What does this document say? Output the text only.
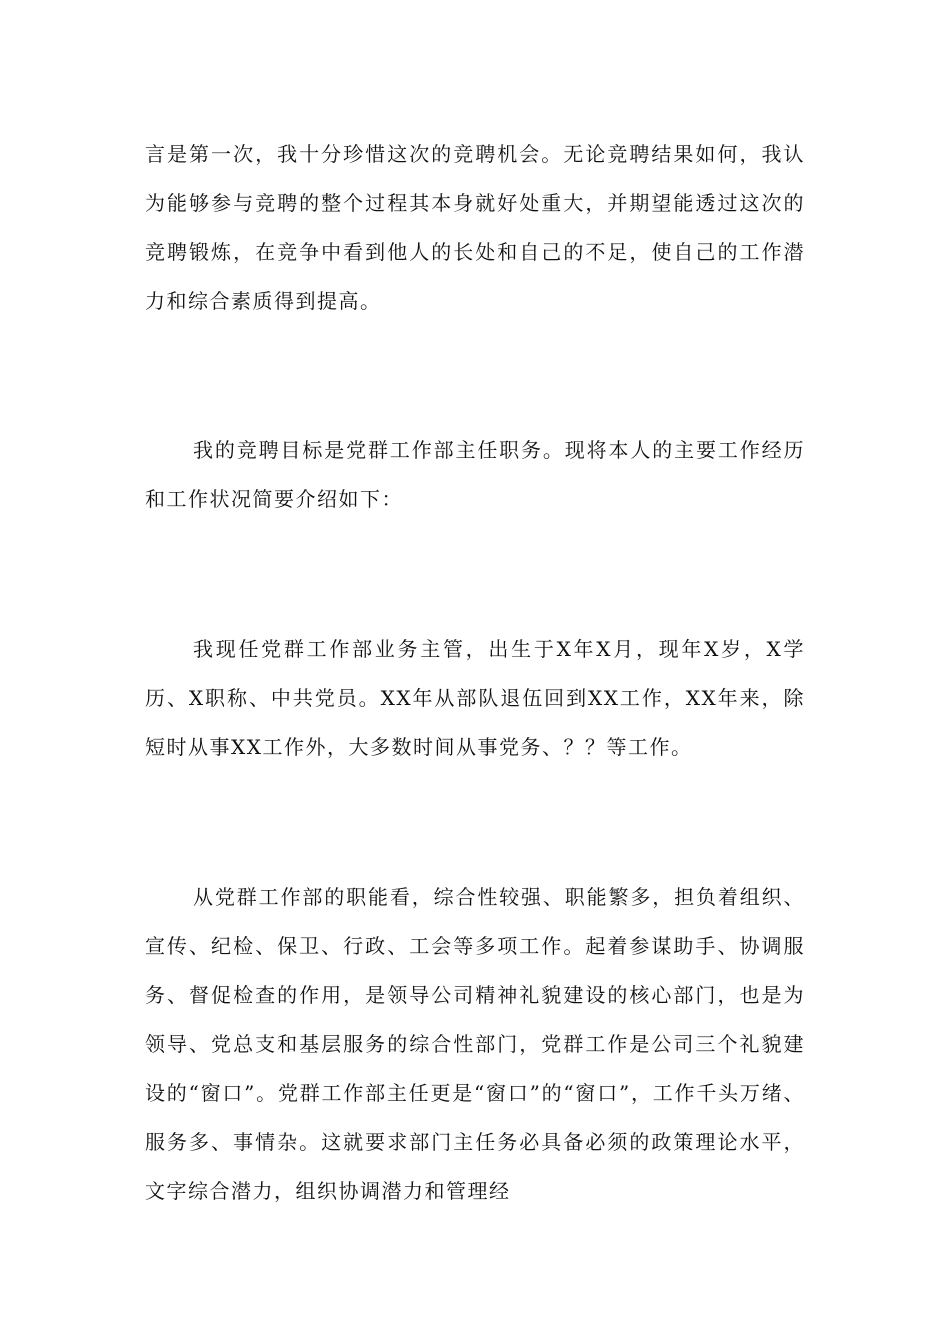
言是第一次，我十分珍惜这次的竞聘机会。无论竞聘结果如何，我认为能够参与竞聘的整个过程其本身就好处重大，并期望能透过这次的竞聘锻炼，在竞争中看到他人的长处和自己的不足，使自己的工作潜力和综合素质得到提高。

我的竞聘目标是党群工作部主任职务。现将本人的主要工作经历和工作状况简要介绍如下：

我现任党群工作部业务主管，出生于X年X月，现年X岁，X学历、X职称、中共党员。XX年从部队退伍回到XX工作，XX年来，除短时从事XX工作外，大多数时间从事党务、？？等工作。

从党群工作部的职能看，综合性较强、职能繁多，担负着组织、宣传、纪检、保卫、行政、工会等多项工作。起着参谋助手、协调服务、督促检查的作用，是领导公司精神礼貌建设的核心部门，也是为领导、党总支和基层服务的综合性部门，党群工作是公司三个礼貌建设的“窗口”。党群工作部主任更是“窗口”的“窗口”，工作千头万绪、服务多、事情杂。这就要求部门主任务必具备必须的政策理论水平，文字综合潜力，组织协调潜力和管理经
